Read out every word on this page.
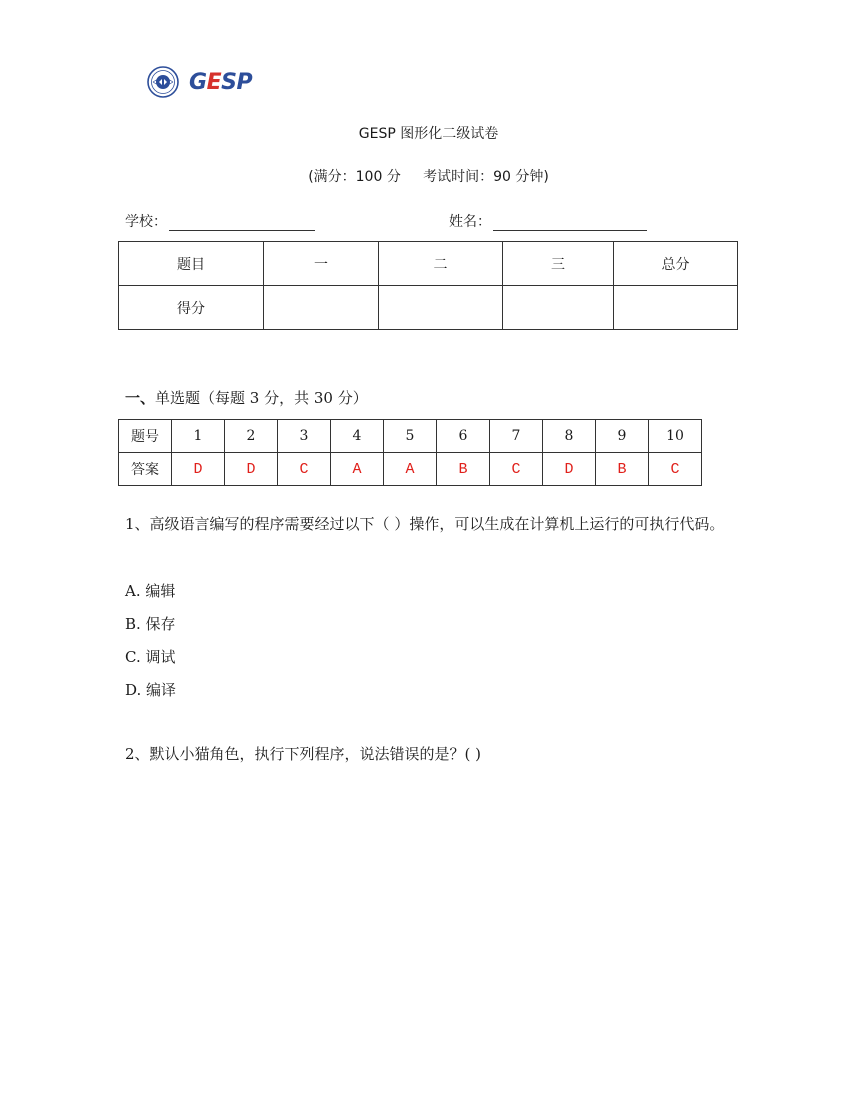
GESP
GESP 图形化二级试卷
(满分：100 分     考试时间：90 分钟)
学校：	姓名：
题目	一	二	三	总分
得分				
一、单选题（每题 3 分，共 30 分）
题号	1	2	3	4	5	6	7	8	9	10
答案	D	D	C	A	A	B	C	D	B	C
1、高级语言编写的程序需要经过以下（ ）操作，可以生成在计算机上运行的可执行代码。
A. 编辑
B. 保存
C. 调试
D. 编译
2、默认小猫角色，执行下列程序，说法错误的是？( )
